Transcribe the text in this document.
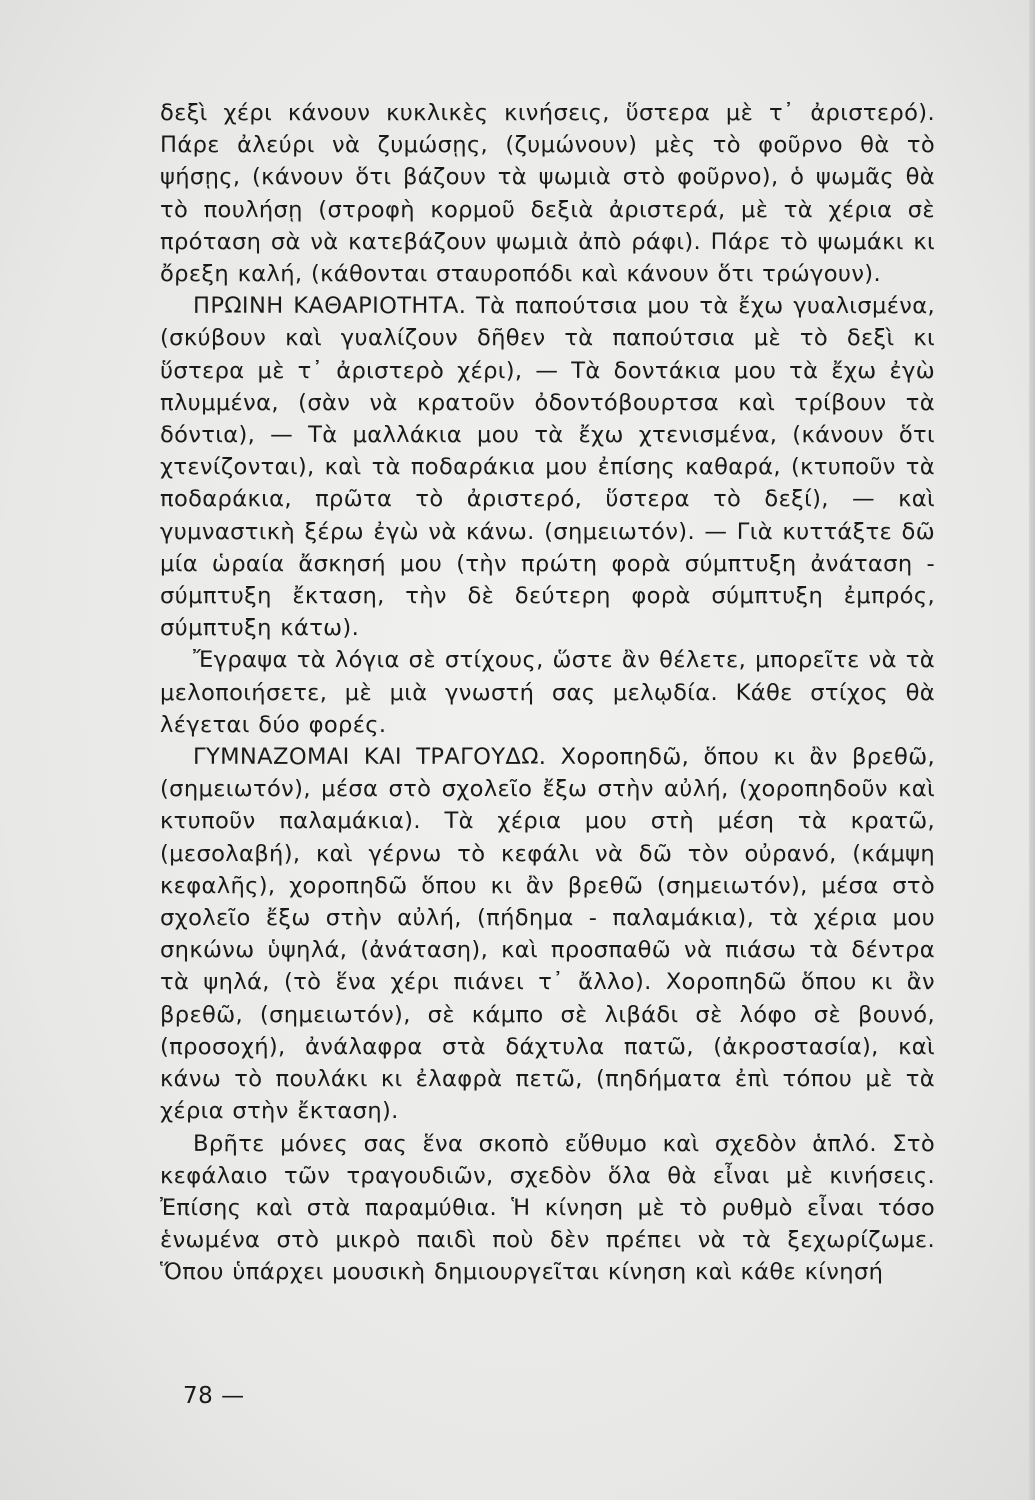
δεξὶ χέρι κάνουν κυκλικὲς κινήσεις, ὕστερα μὲ τ᾽ ἀριστερό). Πάρε ἀλεύρι νὰ ζυμώσῃς, (ζυμώνουν) μὲς τὸ φοῦρνο θὰ τὸ ψήσῃς, (κάνουν ὅτι βάζουν τὰ ψωμιὰ στὸ φοῦρνο), ὁ ψωμᾶς θὰ τὸ πουλήσῃ (στροφὴ κορμοῦ δεξιὰ ἀριστερά, μὲ τὰ χέρια σὲ πρόταση σὰ νὰ κατεβάζουν ψωμιὰ ἀπὸ ράφι). Πάρε τὸ ψωμάκι κι ὄρεξη καλή, (κάθονται σταυροπόδι καὶ κάνουν ὅτι τρώγουν).

ΠΡΩΙΝΗ ΚΑΘΑΡΙΟΤΗΤΑ. Τὰ παπούτσια μου τὰ ἔχω γυαλισμένα, (σκύβουν καὶ γυαλίζουν δῆθεν τὰ παπούτσια μὲ τὸ δεξὶ κι ὕστερα μὲ τ᾽ ἀριστερὸ χέρι), — Τὰ δοντάκια μου τὰ ἔχω ἐγὼ πλυμμένα, (σὰν νὰ κρατοῦν ὀδοντόβουρτσα καὶ τρίβουν τὰ δόντια), — Τὰ μαλλάκια μου τὰ ἔχω χτενισμένα, (κάνουν ὅτι χτενίζονται), καὶ τὰ ποδαράκια μου ἐπίσης καθαρά, (κτυποῦν τὰ ποδαράκια, πρῶτα τὸ ἀριστερό, ὕστερα τὸ δεξί), — καὶ γυμναστικὴ ξέρω ἐγὼ νὰ κάνω. (σημειωτόν). — Γιὰ κυττάξτε δῶ μία ὡραία ἄσκησή μου (τὴν πρώτη φορὰ σύμπτυξη ἀνάταση - σύμπτυξη ἔκταση, τὴν δὲ δεύτερη φορὰ σύμπτυξη ἐμπρός, σύμπτυξη κάτω).

Ἔγραψα τὰ λόγια σὲ στίχους, ὥστε ἂν θέλετε, μπορεῖτε νὰ τὰ μελοποιήσετε, μὲ μιὰ γνωστή σας μελῳδία. Κάθε στίχος θὰ λέγεται δύο φορές.

ΓΥΜΝΑΖΟΜΑΙ ΚΑΙ ΤΡΑΓΟΥΔΩ. Χοροπηδῶ, ὅπου κι ἂν βρεθῶ, (σημειωτόν), μέσα στὸ σχολεῖο ἔξω στὴν αὐλή, (χοροπηδοῦν καὶ κτυποῦν παλαμάκια). Τὰ χέρια μου στὴ μέση τὰ κρατῶ, (μεσολαβή), καὶ γέρνω τὸ κεφάλι νὰ δῶ τὸν οὐρανό, (κάμψη κεφαλῆς), χοροπηδῶ ὅπου κι ἂν βρεθῶ (σημειωτόν), μέσα στὸ σχολεῖο ἔξω στὴν αὐλή, (πήδημα - παλαμάκια), τὰ χέρια μου σηκώνω ὑψηλά, (ἀνάταση), καὶ προσπαθῶ νὰ πιάσω τὰ δέντρα τὰ ψηλά, (τὸ ἕνα χέρι πιάνει τ᾽ ἄλλο). Χοροπηδῶ ὅπου κι ἂν βρεθῶ, (σημειωτόν), σὲ κάμπο σὲ λιβάδι σὲ λόφο σὲ βουνό, (προσοχή), ἀνάλαφρα στὰ δάχτυλα πατῶ, (ἀκροστασία), καὶ κάνω τὸ πουλάκι κι ἐλαφρὰ πετῶ, (πηδήματα ἐπὶ τόπου μὲ τὰ χέρια στὴν ἔκταση).

Βρῆτε μόνες σας ἕνα σκοπὸ εὔθυμο καὶ σχεδὸν ἁπλό. Στὸ κεφάλαιο τῶν τραγουδιῶν, σχεδὸν ὅλα θὰ εἶναι μὲ κινήσεις. Ἐπίσης καὶ στὰ παραμύθια. Ἡ κίνηση μὲ τὸ ρυθμὸ εἶναι τόσο ἑνωμένα στὸ μικρὸ παιδὶ ποὺ δὲν πρέπει νὰ τὰ ξεχωρίζωμε. Ὅπου ὑπάρχει μουσικὴ δημιουργεῖται κίνηση καὶ κάθε κίνησή

78 —
